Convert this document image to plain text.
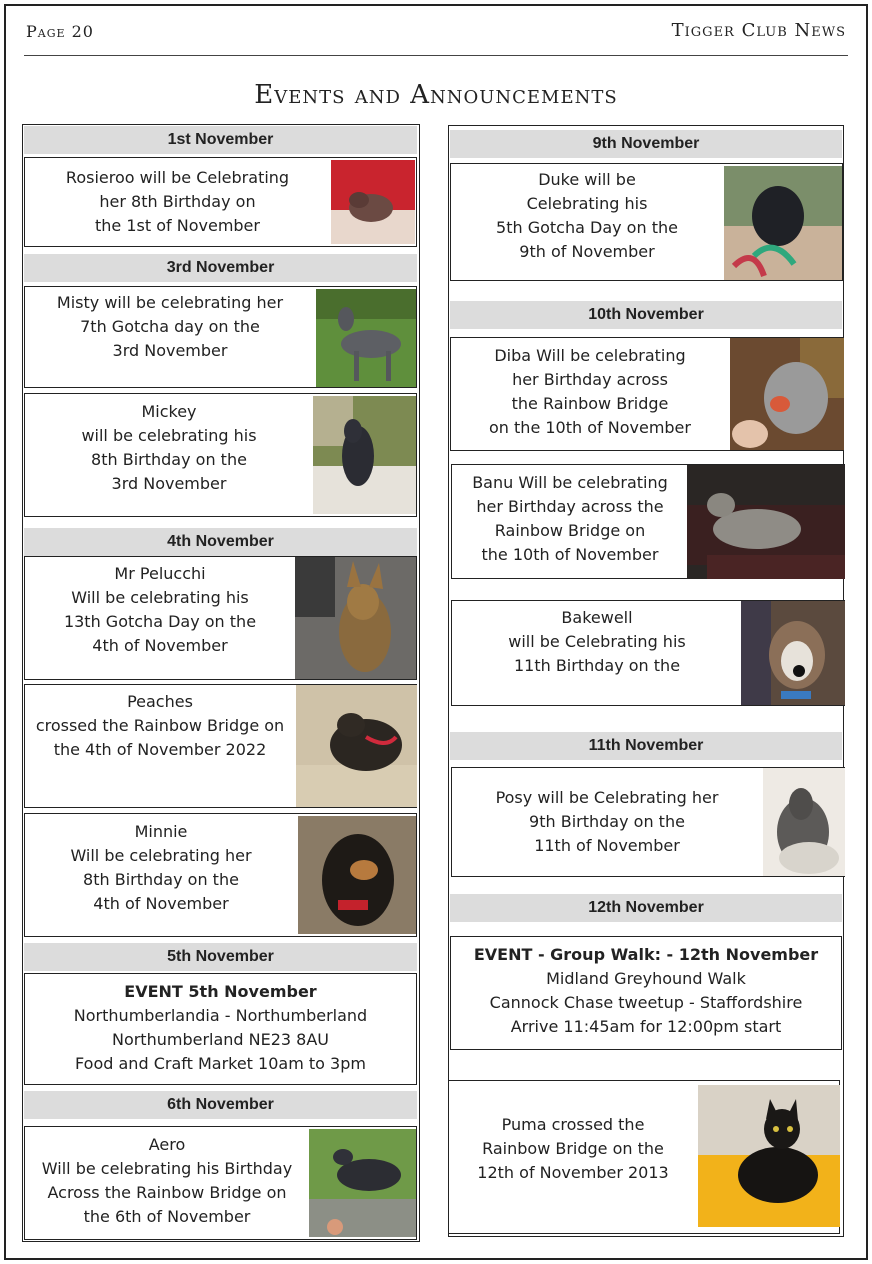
Page 20	Tigger Club News
Events and Announcements
1st November
Rosieroo will be Celebrating
her 8th Birthday on
the 1st of November
3rd November
Misty will be celebrating her
7th Gotcha day on the
3rd November
Mickey
will be celebrating his
8th Birthday on the
3rd November
4th November
Mr Pelucchi
Will be celebrating his
13th Gotcha Day on the
4th of November
Peaches
crossed the Rainbow Bridge on
the 4th of November 2022
Minnie
Will be celebrating her
8th Birthday on the
4th of November
5th November
EVENT 5th November
Northumberlandia - Northumberland
Northumberland NE23 8AU
Food and Craft Market 10am to 3pm
6th November
Aero
Will be celebrating his Birthday
Across the Rainbow Bridge on
the 6th of November
9th November
Duke will be
Celebrating his
5th Gotcha Day on the
9th of November
10th November
Diba Will be celebrating
her Birthday across
the Rainbow Bridge
on the 10th of November
Banu Will be celebrating
her Birthday across the
Rainbow Bridge on
the 10th of November
Bakewell
will be Celebrating his
11th Birthday on the
11th November
Posy will be Celebrating her
9th Birthday on the
11th of November
12th November
EVENT - Group Walk: - 12th November
Midland Greyhound Walk
Cannock Chase tweetup - Staffordshire
Arrive 11:45am for 12:00pm start
Puma crossed the
Rainbow Bridge on the
12th of November 2013
